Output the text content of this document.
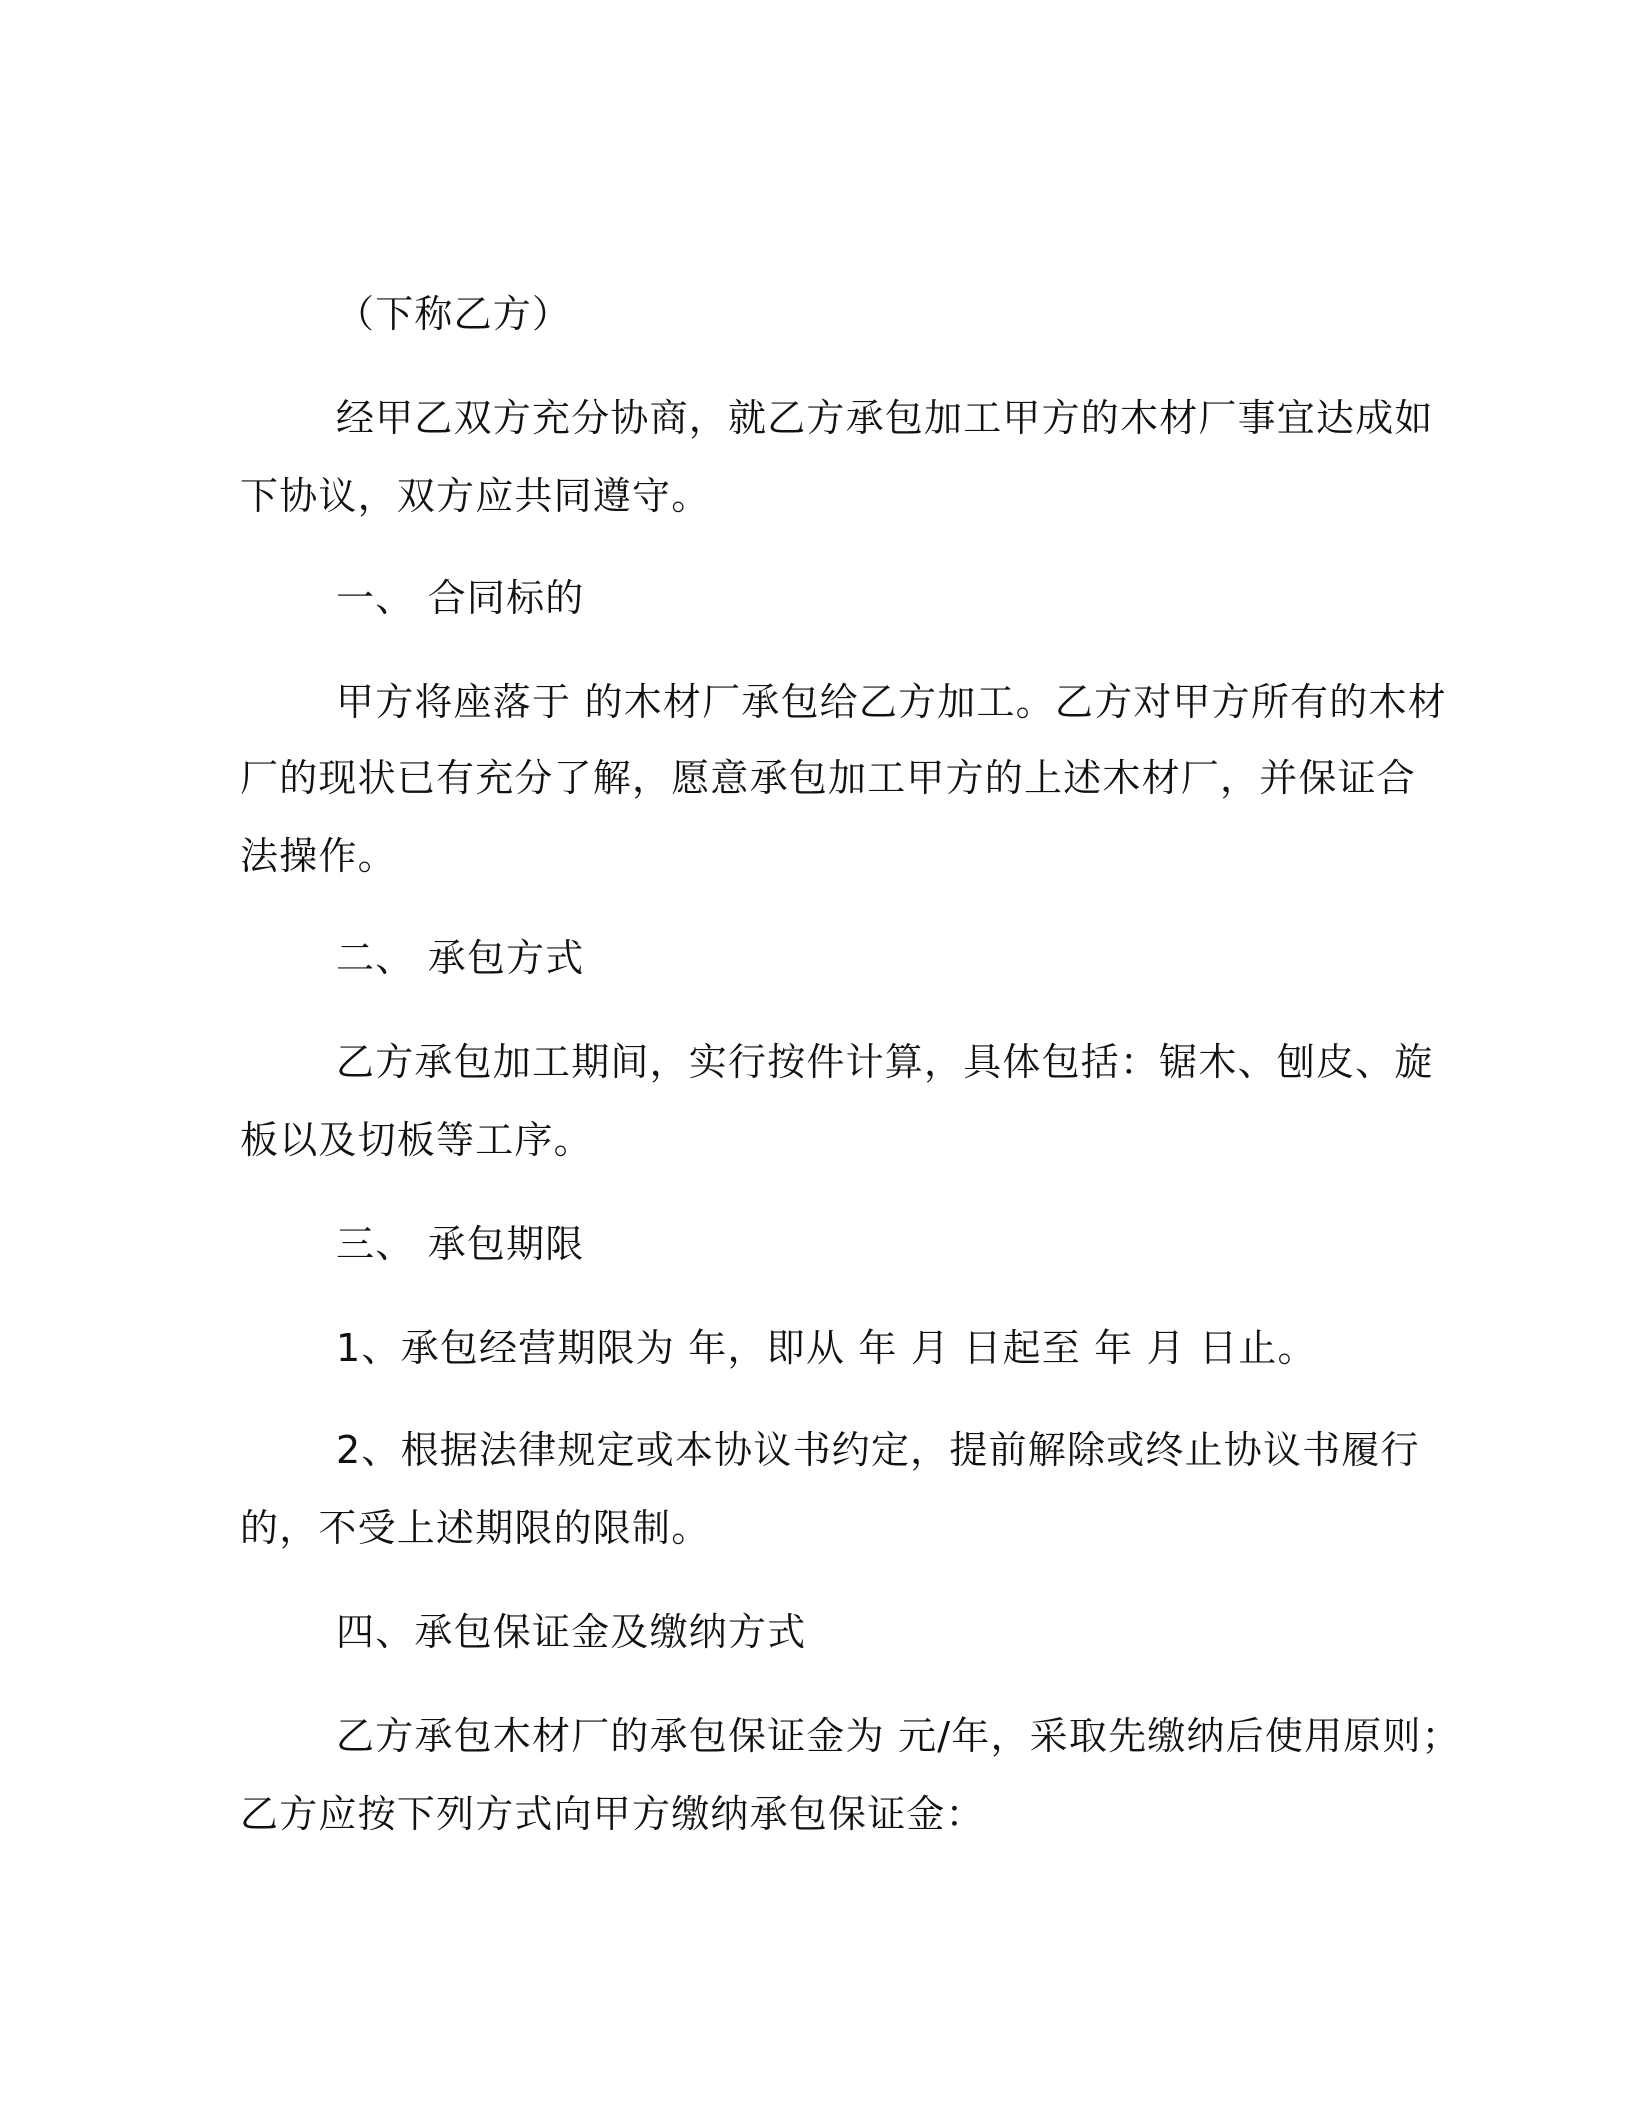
（下称乙方）
经甲乙双方充分协商，就乙方承包加工甲方的木材厂事宜达成如
下协议，双方应共同遵守。
一、 合同标的
甲方将座落于 的木材厂承包给乙方加工。乙方对甲方所有的木材
厂的现状已有充分了解，愿意承包加工甲方的上述木材厂，并保证合
法操作。
二、 承包方式
乙方承包加工期间，实行按件计算，具体包括：锯木、刨皮、旋
板以及切板等工序。
三、 承包期限
1、承包经营期限为 年，即从 年 月 日起至 年 月 日止。
2、根据法律规定或本协议书约定，提前解除或终止协议书履行
的，不受上述期限的限制。
四、承包保证金及缴纳方式
乙方承包木材厂的承包保证金为 元/年，采取先缴纳后使用原则；
乙方应按下列方式向甲方缴纳承包保证金：
